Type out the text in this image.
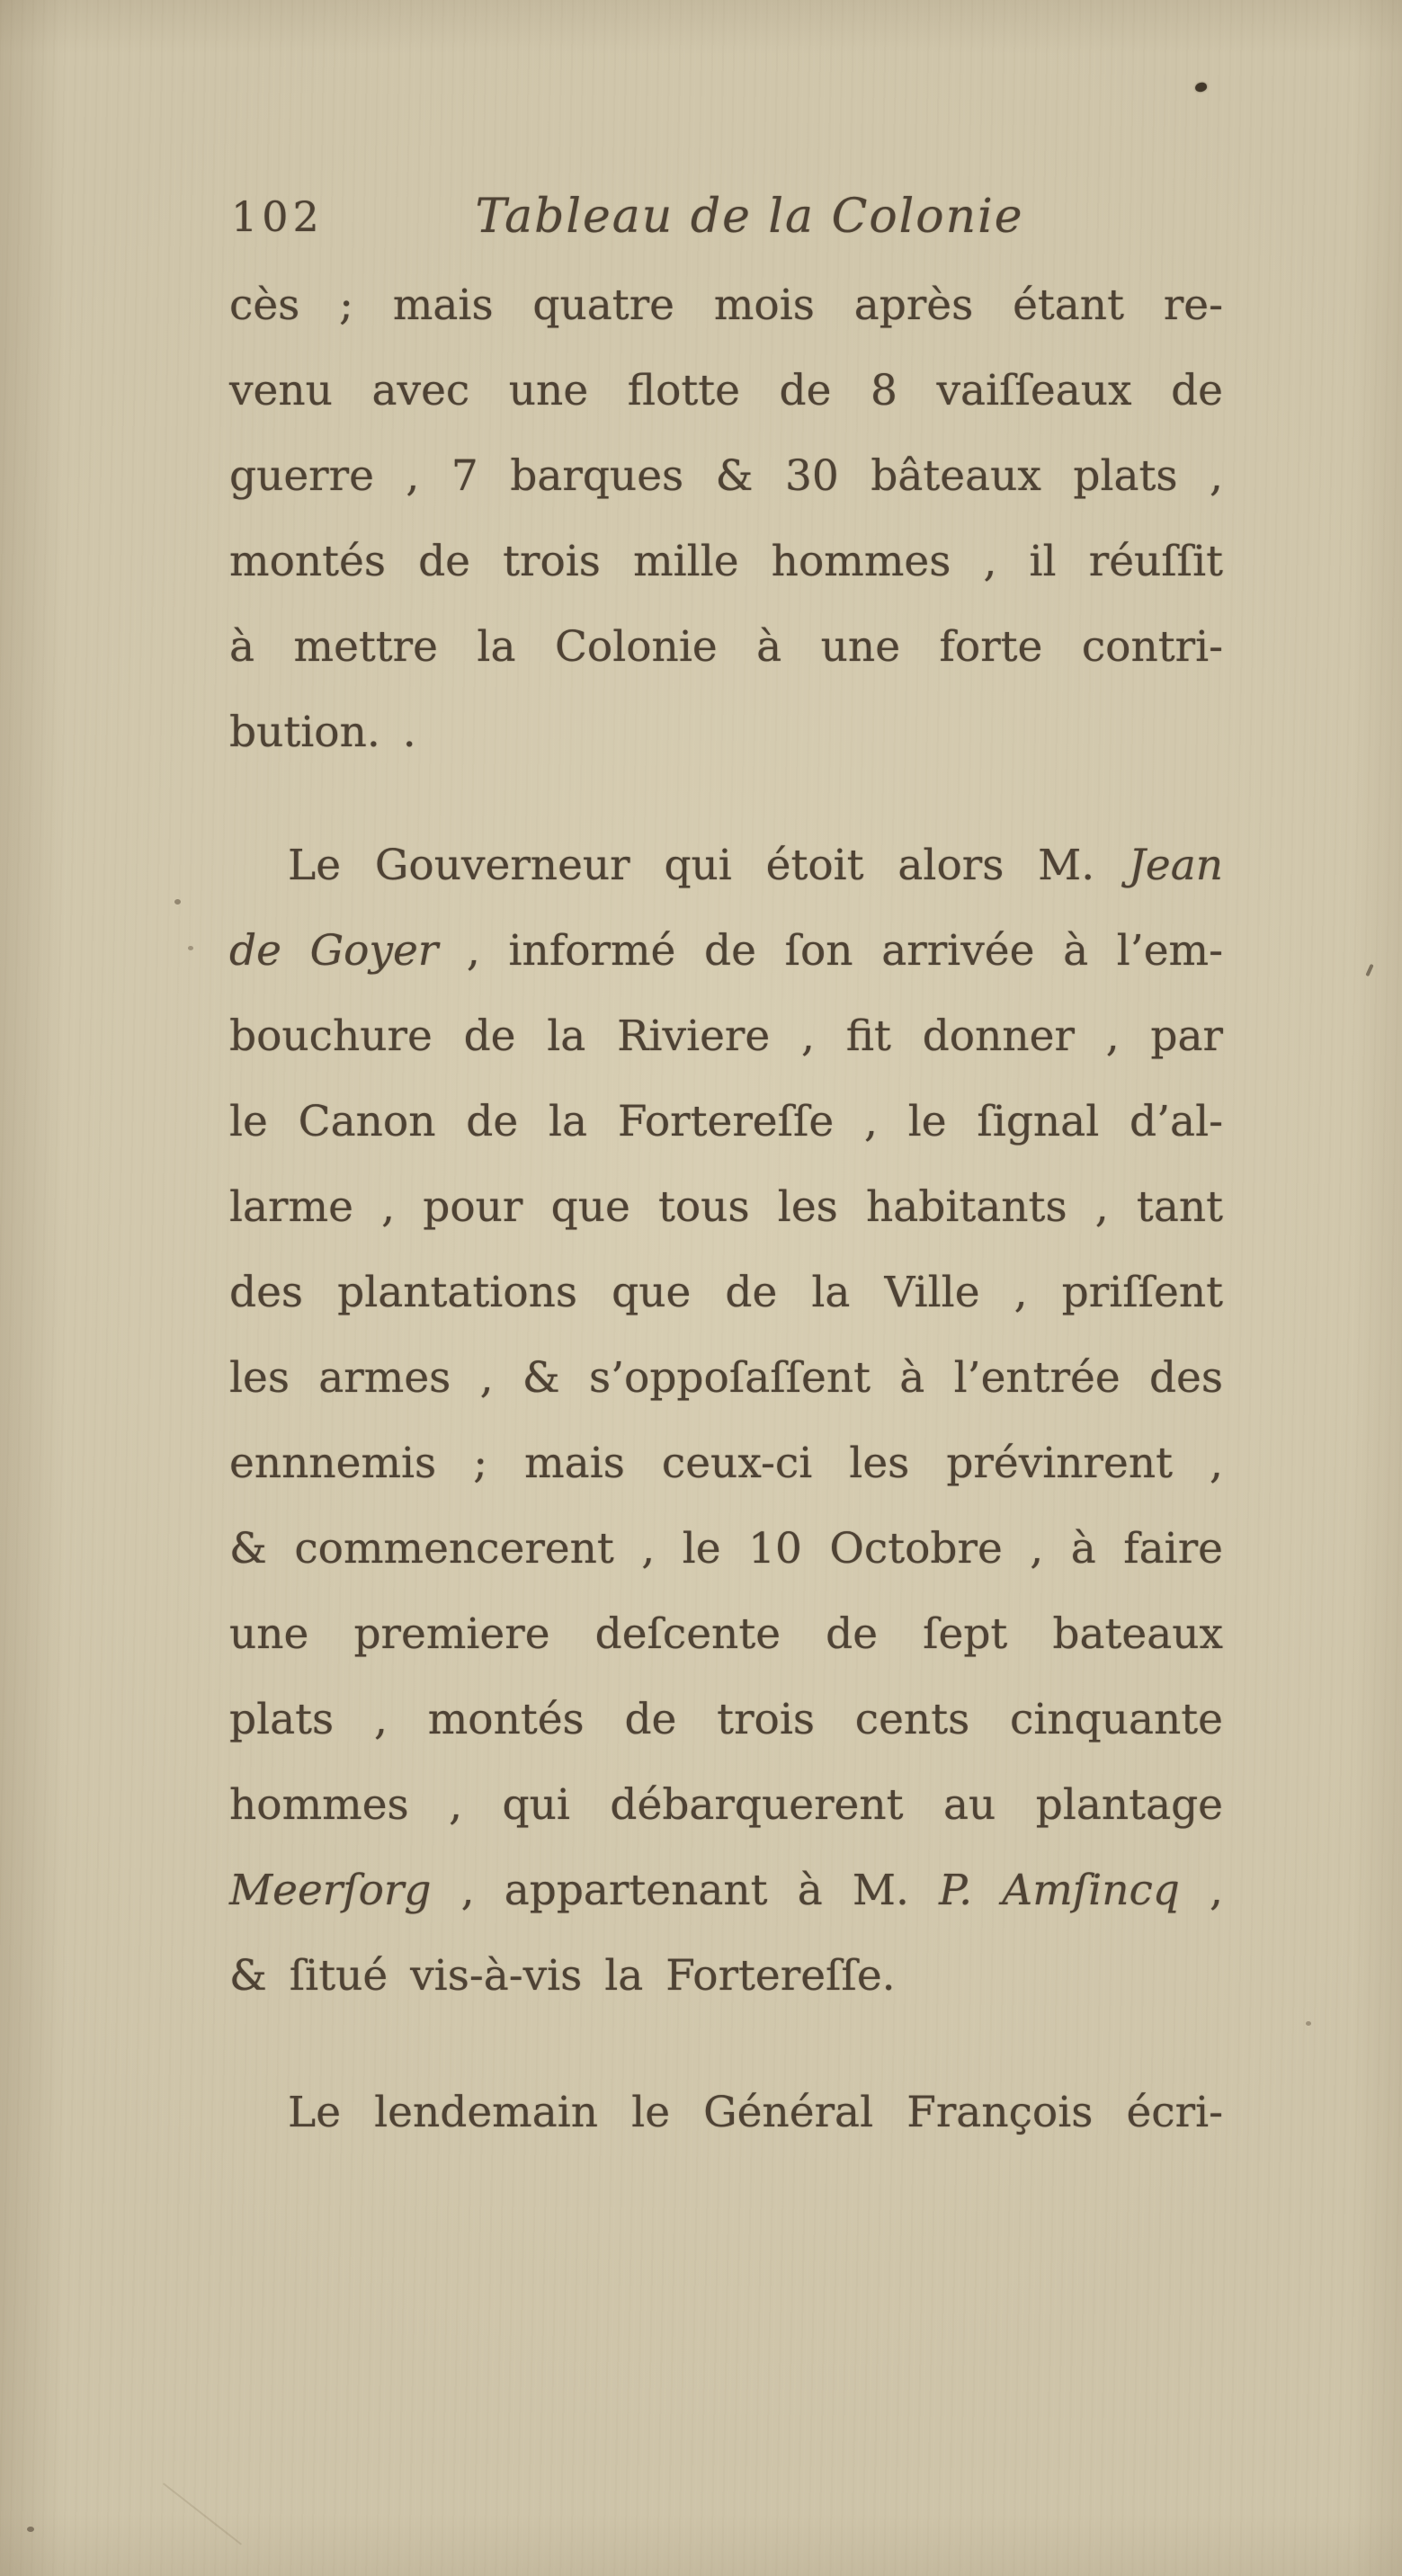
102	Tableau de la Colonie
cès ; mais quatre mois après étant re-
venu avec une flotte de 8 vaiſſeaux de
guerre , 7 barques & 30 bâteaux plats ,
montés de trois mille hommes , il réuſſit
à mettre la Colonie à une forte contri-
bution. .
Le Gouverneur qui étoit alors M. Jean
de Goyer , informé de ſon arrivée à l’em-
bouchure de la Riviere , fit donner , par
le Canon de la Fortereſſe , le ſignal d’al-
larme , pour que tous les habitants , tant
des plantations que de la Ville , priſſent
les armes , & s’oppoſaſſent à l’entrée des
ennnemis ; mais ceux-ci les prévinrent ,
& commencerent , le 10 Octobre , à faire
une premiere deſcente de ſept bateaux
plats , montés de trois cents cinquante
hommes , qui débarquerent au plantage
Meerſorg , appartenant à M. P. Amſincq ,
& ſitué vis-à-vis la Fortereſſe.
Le lendemain le Général François écri-
